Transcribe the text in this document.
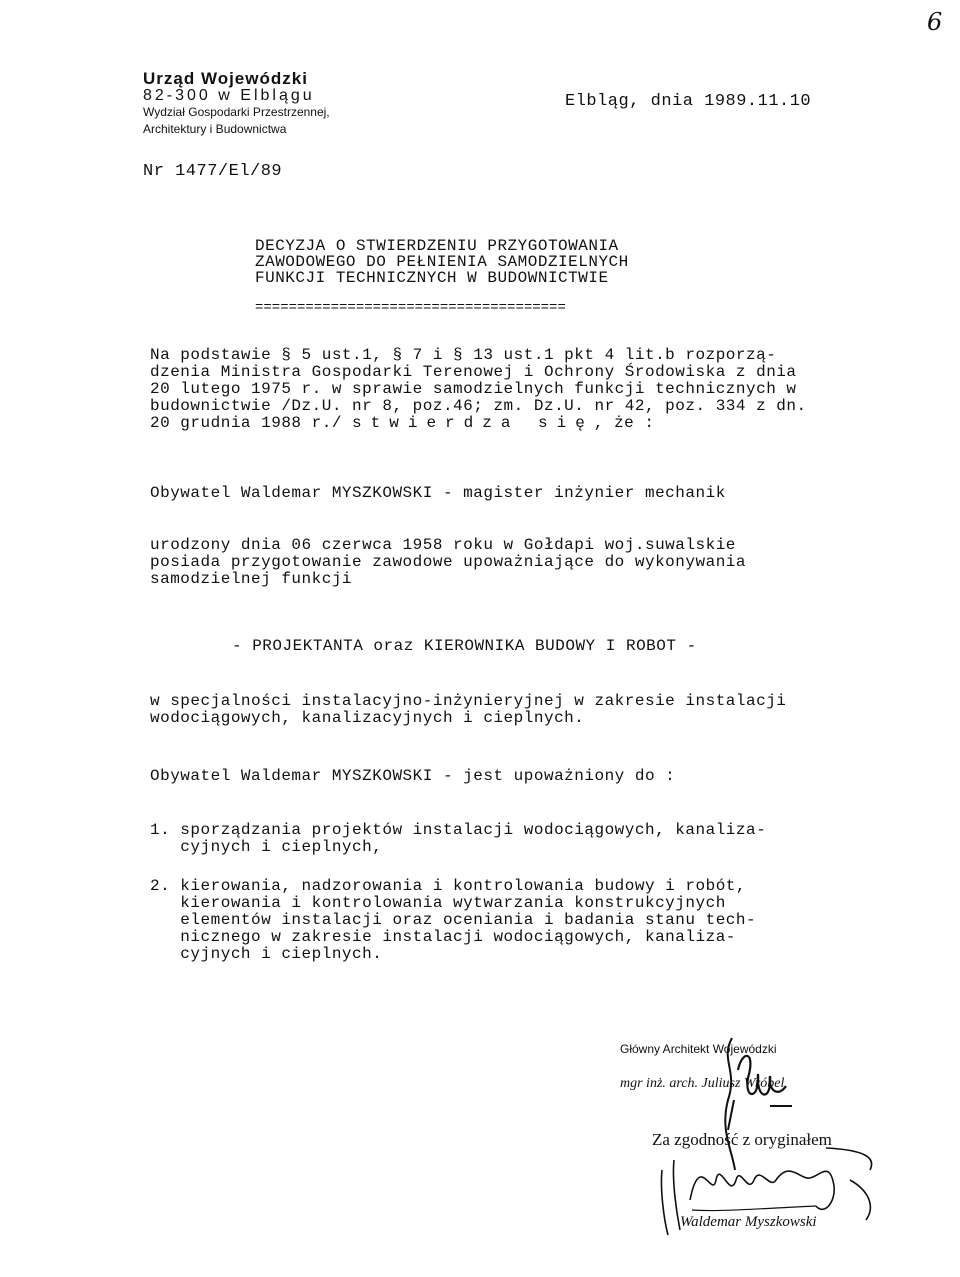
6
Urząd Wojewódzki
82-300 w Elblągu
Wydział Gospodarki Przestrzennej,
Architektury i Budownictwa
Elbląg, dnia 1989.11.10
Nr 1477/El/89
DECYZJA O STWIERDZENIU PRZYGOTOWANIA
ZAWODOWEGO DO PEŁNIENIA SAMODZIELNYCH
FUNKCJI TECHNICZNYCH W BUDOWNICTWIE
=====================================
Na podstawie § 5 ust.1, § 7 i § 13 ust.1 pkt 4 lit.b rozporzą-
dzenia Ministra Gospodarki Terenowej i Ochrony Środowiska z dnia
20 lutego 1975 r. w sprawie samodzielnych funkcji technicznych w
budownictwie /Dz.U. nr 8, poz.46; zm. Dz.U. nr 42, poz. 334 z dn.
20 grudnia 1988 r./ stwierdza się, że :
Obywatel Waldemar MYSZKOWSKI - magister inżynier mechanik
urodzony dnia 06 czerwca 1958 roku w Gołdapi woj.suwalskie
posiada przygotowanie zawodowe upoważniające do wykonywania
samodzielnej funkcji
- PROJEKTANTA oraz KIEROWNIKA BUDOWY I ROBOT -
w specjalności instalacyjno-inżynieryjnej w zakresie instalacji
wodociągowych, kanalizacyjnych i cieplnych.
Obywatel Waldemar MYSZKOWSKI - jest upoważniony do :
1. sporządzania projektów instalacji wodociągowych, kanaliza-
cyjnych i cieplnych,
2. kierowania, nadzorowania i kontrolowania budowy i robót,
kierowania i kontrolowania wytwarzania konstrukcyjnych
elementów instalacji oraz oceniania i badania stanu tech-
nicznego w zakresie instalacji wodociągowych, kanaliza-
cyjnych i cieplnych.
Główny Architekt Wojewódzki
mgr inż. arch. Juliusz Wróbel
Za zgodność z oryginałem
Waldemar Myszkowski
